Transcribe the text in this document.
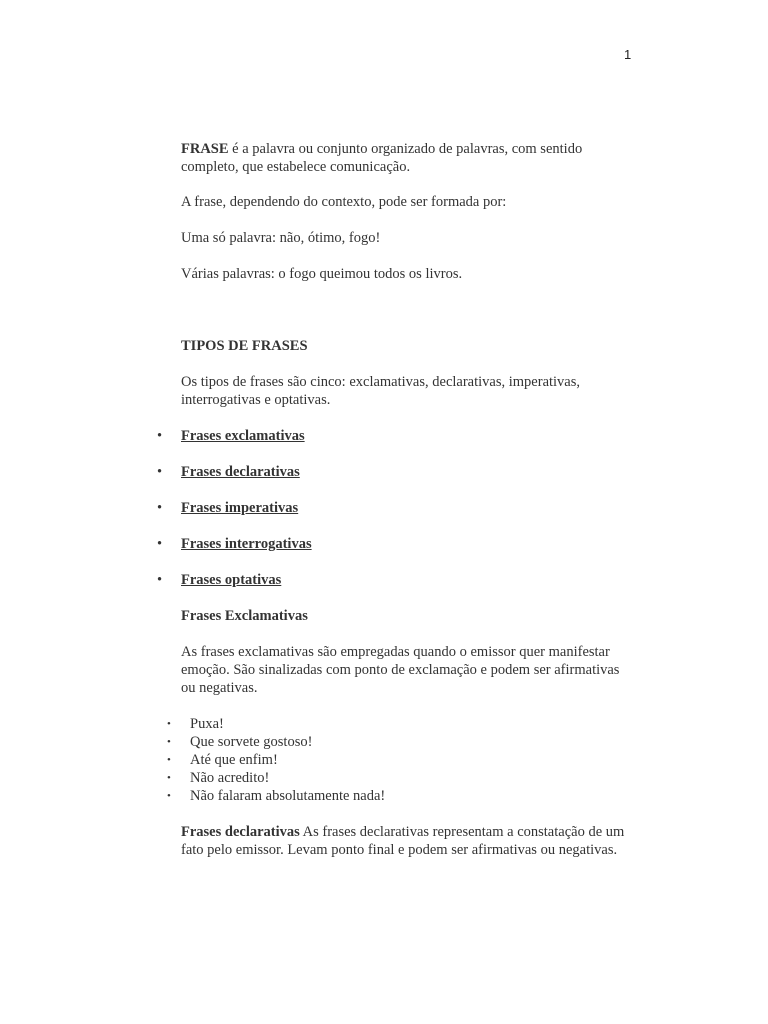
1

FRASE é a palavra ou conjunto organizado de palavras, com sentido completo, que estabelece comunicação.

A frase, dependendo do contexto, pode ser formada por:

Uma só palavra: não, ótimo, fogo!

Várias palavras: o fogo queimou todos os livros.

TIPOS DE FRASES

Os tipos de frases são cinco: exclamativas, declarativas, imperativas, interrogativas e optativas.

• Frases exclamativas
• Frases declarativas
• Frases imperativas
• Frases interrogativas
• Frases optativas

Frases Exclamativas

As frases exclamativas são empregadas quando o emissor quer manifestar emoção. São sinalizadas com ponto de exclamação e podem ser afirmativas ou negativas.

• Puxa!
• Que sorvete gostoso!
• Até que enfim!
• Não acredito!
• Não falaram absolutamente nada!

Frases declarativas As frases declarativas representam a constatação de um fato pelo emissor. Levam ponto final e podem ser afirmativas ou negativas.
